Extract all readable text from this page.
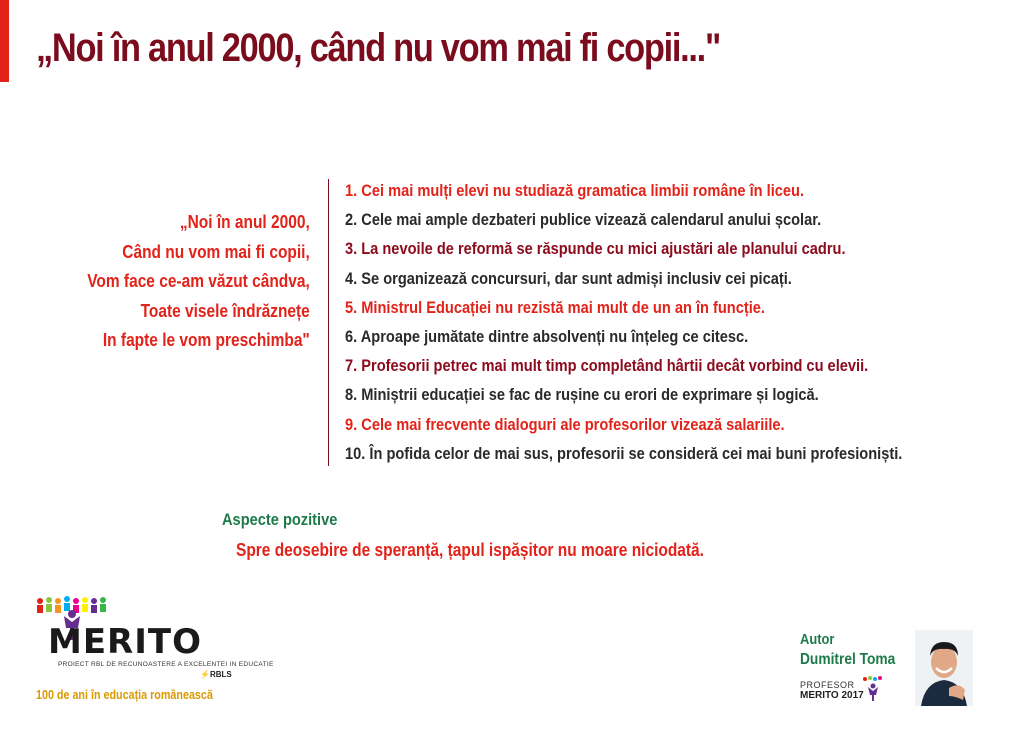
„Noi în anul 2000, când nu vom mai fi copii..."
„Noi în anul 2000,
Când nu vom mai fi copii,
Vom face ce-am văzut cândva,
Toate visele îndrăznețe
In fapte le vom preschimba"
1. Cei mai mulți elevi nu studiază gramatica limbii române în liceu.
2. Cele mai ample dezbateri publice vizează calendarul anului școlar.
3. La nevoile de reformă se răspunde cu mici ajustări ale planului cadru.
4. Se organizează concursuri, dar sunt admiși inclusiv cei picați.
5. Ministrul Educației nu rezistă mai mult de un an în funcție.
6. Aproape jumătate dintre absolvenți nu înțeleg ce citesc.
7. Profesorii petrec mai mult timp completând hârtii decât vorbind cu elevii.
8. Miniștrii educației se fac de rușine cu erori de exprimare și logică.
9. Cele mai frecvente dialoguri ale profesorilor vizează salariile.
10. În pofida celor de mai sus, profesorii se consideră cei mai buni profesioniști.
Aspecte pozitive
Spre deosebire de speranță, țapul ispășitor nu moare niciodată.
MERITO
PROIECT RBL DE RECUNOASTERE A EXCELENTEI IN EDUCATIE
⚡RBLS
100 de ani în educația românească
Autor
Dumitrel Toma
PROFESOR
MERITO 2017
